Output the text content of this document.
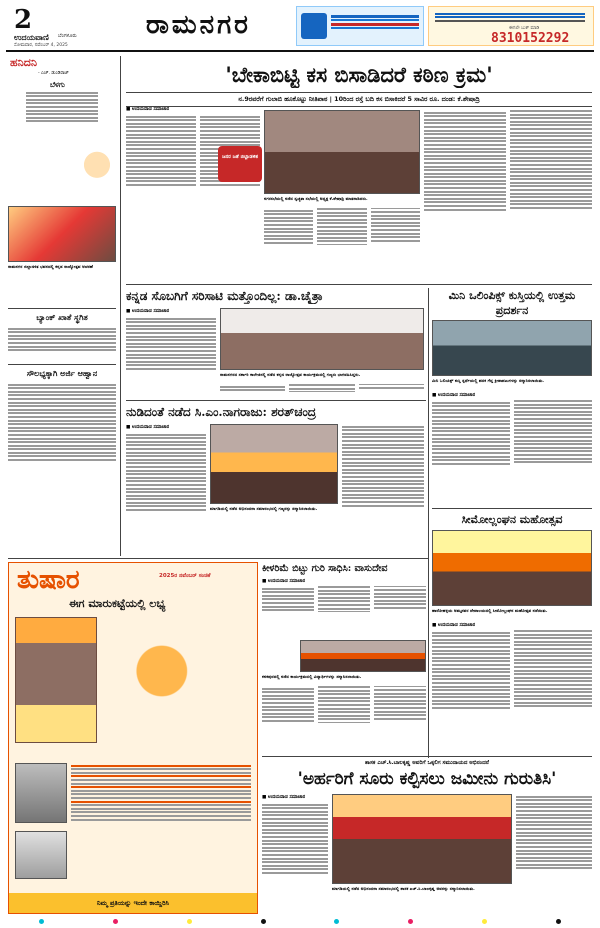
2
ಉದಯವಾಣಿ ಬೆಂಗಳೂರು
ಸೋಮವಾರ, ನವೆಂಬರ್ 4, 2025
ರಾಮನಗರ	ಈಗಲೇ ಬುಕ್ ಮಾಡಿ
8310152292
ಹನಿದನಿ
- ಎಚ್. ಡುಂಡಿರಾಜ್
ಬೆಳಗು
ರಾಮನಗರ ಜಿಲ್ಲಾಡಳಿತ ಭವನದಲ್ಲಿ ಕನ್ನಡ ರಾಜ್ಯೋತ್ಸವ ಆಚರಣೆ
ಬ್ಯಾಂಕ್ ಖಾತೆ ಸ್ಥಗಿತ
ಸೌಲಭ್ಯಕ್ಕಾಗಿ ಅರ್ಜಿ ಆಹ್ವಾನ
'ಬೇಕಾಬಿಟ್ಟಿ ಕಸ ಬಿಸಾಡಿದರೆ ಕಠಿಣ ಕ್ರಮ'
ನ.9ರವರೆಗೆ ಗುಲಾಬಿ ಹೂಕೊಟ್ಟು ನೀತಿಪಾಠ | 10ರಿಂದ ರಸ್ತೆ ಬದಿ ಕಸ ಬಿಸಾಕಿದರೆ 5 ಸಾವಿರ ರೂ. ದಂಡ: ಕೆ.ಶೇಷಾದ್ರಿ
■ ಉದಯವಾಣಿ ಸಮಾಚಾರ
ಜನರ ಜತೆ ಜಿಲ್ಲಾಡಳಿತ
ನಗರಸಭೆಯಲ್ಲಿ ನಡೆದ ಸ್ವಚ್ಛತಾ ಸಭೆಯಲ್ಲಿ ಅಧ್ಯಕ್ಷ ಕೆ.ಶೇಷಾದ್ರಿ ಮಾತನಾಡಿದರು.
ಕನ್ನಡ ಸೊಬಗಿಗೆ ಸರಿಸಾಟಿ ಮತ್ತೊಂದಿಲ್ಲ: ಡಾ.ಚೈತ್ರಾ
■ ಉದಯವಾಣಿ ಸಮಾಚಾರ
ರಾಮನಗರದ ಸರ್ಕಾರಿ ಕಾಲೇಜಿನಲ್ಲಿ ನಡೆದ ಕನ್ನಡ ರಾಜ್ಯೋತ್ಸವ ಕಾರ್ಯಕ್ರಮದಲ್ಲಿ ಗಣ್ಯರು ಭಾಗವಹಿಸಿದ್ದರು.
ನುಡಿದಂತೆ ನಡೆದ ಸಿ.ಎಂ.ನಾಗರಾಜು: ಶರತ್‌ಚಂದ್ರ
■ ಉದಯವಾಣಿ ಸಮಾಚಾರ
ಮಾಗಡಿಯಲ್ಲಿ ನಡೆದ ಅಭಿನಂದನಾ ಸಮಾರಂಭದಲ್ಲಿ ಗಣ್ಯರನ್ನು ಸನ್ಮಾನಿಸಲಾಯಿತು.
ಮಿನಿ ಒಲಿಂಪಿಕ್ಸ್ ಕುಸ್ತಿಯಲ್ಲಿ ಉತ್ತಮ ಪ್ರದರ್ಶನ
ಮಿನಿ ಒಲಿಂಪಿಕ್ಸ್ ಕುಸ್ತಿ ಸ್ಪರ್ಧೆಯಲ್ಲಿ ಪದಕ ಗೆದ್ದ ಕ್ರೀಡಾಪಟುಗಳನ್ನು ಸನ್ಮಾನಿಸಲಾಯಿತು.
■ ಉದಯವಾಣಿ ಸಮಾಚಾರ
ಸೀಮೋಲ್ಲಂಘನ ಮಹೋತ್ಸವ
ಹಾರೋಹಳ್ಳಿಯ ಅಮ್ಮನವರ ದೇವಾಲಯದಲ್ಲಿ ಸೀಮೋಲ್ಲಂಘನ ಮಹೋತ್ಸವ ನಡೆಯಿತು.
■ ಉದಯವಾಣಿ ಸಮಾಚಾರ
ತುಷಾರ	2025ರ ನವೆಂಬರ್ ಸಂಚಿಕೆ
ಈಗ ಮಾರುಕಟ್ಟೆಯಲ್ಲಿ ಲಭ್ಯ
ನಿಮ್ಮ ಪ್ರತಿಯನ್ನು ಇಂದೇ ಕಾಯ್ದಿರಿಸಿ
ಕೀಳರಿಮೆ ಬಿಟ್ಟು ಗುರಿ ಸಾಧಿಸಿ: ವಾಸುದೇವ
■ ಉದಯವಾಣಿ ಸಮಾಚಾರ
ಕನಕಪುರದಲ್ಲಿ ನಡೆದ ಕಾರ್ಯಕ್ರಮದಲ್ಲಿ ವಿದ್ಯಾರ್ಥಿಗಳನ್ನು ಸನ್ಮಾನಿಸಲಾಯಿತು.
ಶಾಸಕ ಎಚ್.ಸಿ.ಬಾಲಕೃಷ್ಣ ಅವರಿಗೆ ಒಕ್ಕಲಿಗ ಸಮುದಾಯದ ಅಭಿನಂದನೆ
'ಅರ್ಹರಿಗೆ ಸೂರು ಕಲ್ಪಿಸಲು ಜಮೀನು ಗುರುತಿಸಿ'
■ ಉದಯವಾಣಿ ಸಮಾಚಾರ
ಮಾಗಡಿಯಲ್ಲಿ ನಡೆದ ಅಭಿನಂದನಾ ಸಮಾರಂಭದಲ್ಲಿ ಶಾಸಕ ಎಚ್.ಸಿ.ಬಾಲಕೃಷ್ಣ ಅವರನ್ನು ಸನ್ಮಾನಿಸಲಾಯಿತು.
